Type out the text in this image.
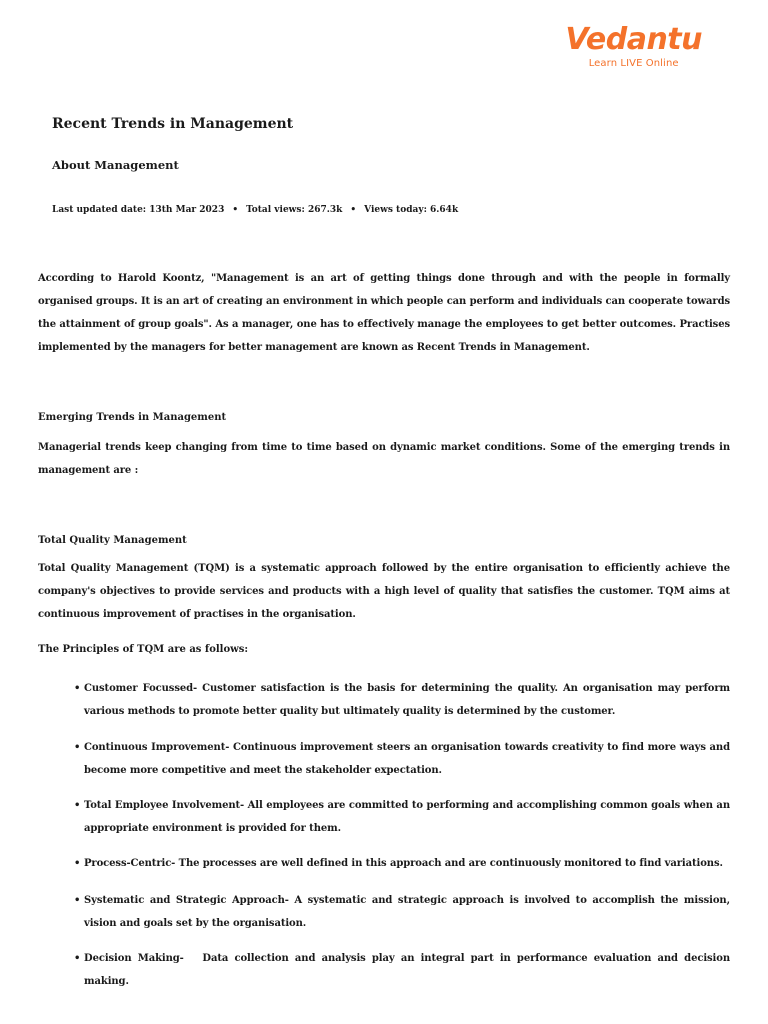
Vedantu
Learn LIVE Online
Recent Trends in Management
About Management
Last updated date: 13th Mar 2023 • Total views: 267.3k • Views today: 6.64k

According to Harold Koontz, "Management is an art of getting things done through and with the people in formally organised groups. It is an art of creating an environment in which people can perform and individuals can cooperate towards the attainment of group goals". As a manager, one has to effectively manage the employees to get better outcomes. Practises implemented by the managers for better management are known as Recent Trends in Management.

Emerging Trends in Management

Managerial trends keep changing from time to time based on dynamic market conditions. Some of the emerging trends in management are :

Total Quality Management

Total Quality Management (TQM) is a systematic approach followed by the entire organisation to efficiently achieve the company's objectives to provide services and products with a high level of quality that satisfies the customer. TQM aims at continuous improvement of practises in the organisation.

The Principles of TQM are as follows:
• Customer Focussed- Customer satisfaction is the basis for determining the quality. An organisation may perform various methods to promote better quality but ultimately quality is determined by the customer.
• Continuous Improvement- Continuous improvement steers an organisation towards creativity to find more ways and become more competitive and meet the stakeholder expectation.
• Total Employee Involvement- All employees are committed to performing and accomplishing common goals when an appropriate environment is provided for them.
• Process-Centric- The processes are well defined in this approach and are continuously monitored to find variations.
• Systematic and Strategic Approach- A systematic and strategic approach is involved to accomplish the mission, vision and goals set by the organisation.
• Decision Making-   Data collection and analysis play an integral part in performance evaluation and decision making.
